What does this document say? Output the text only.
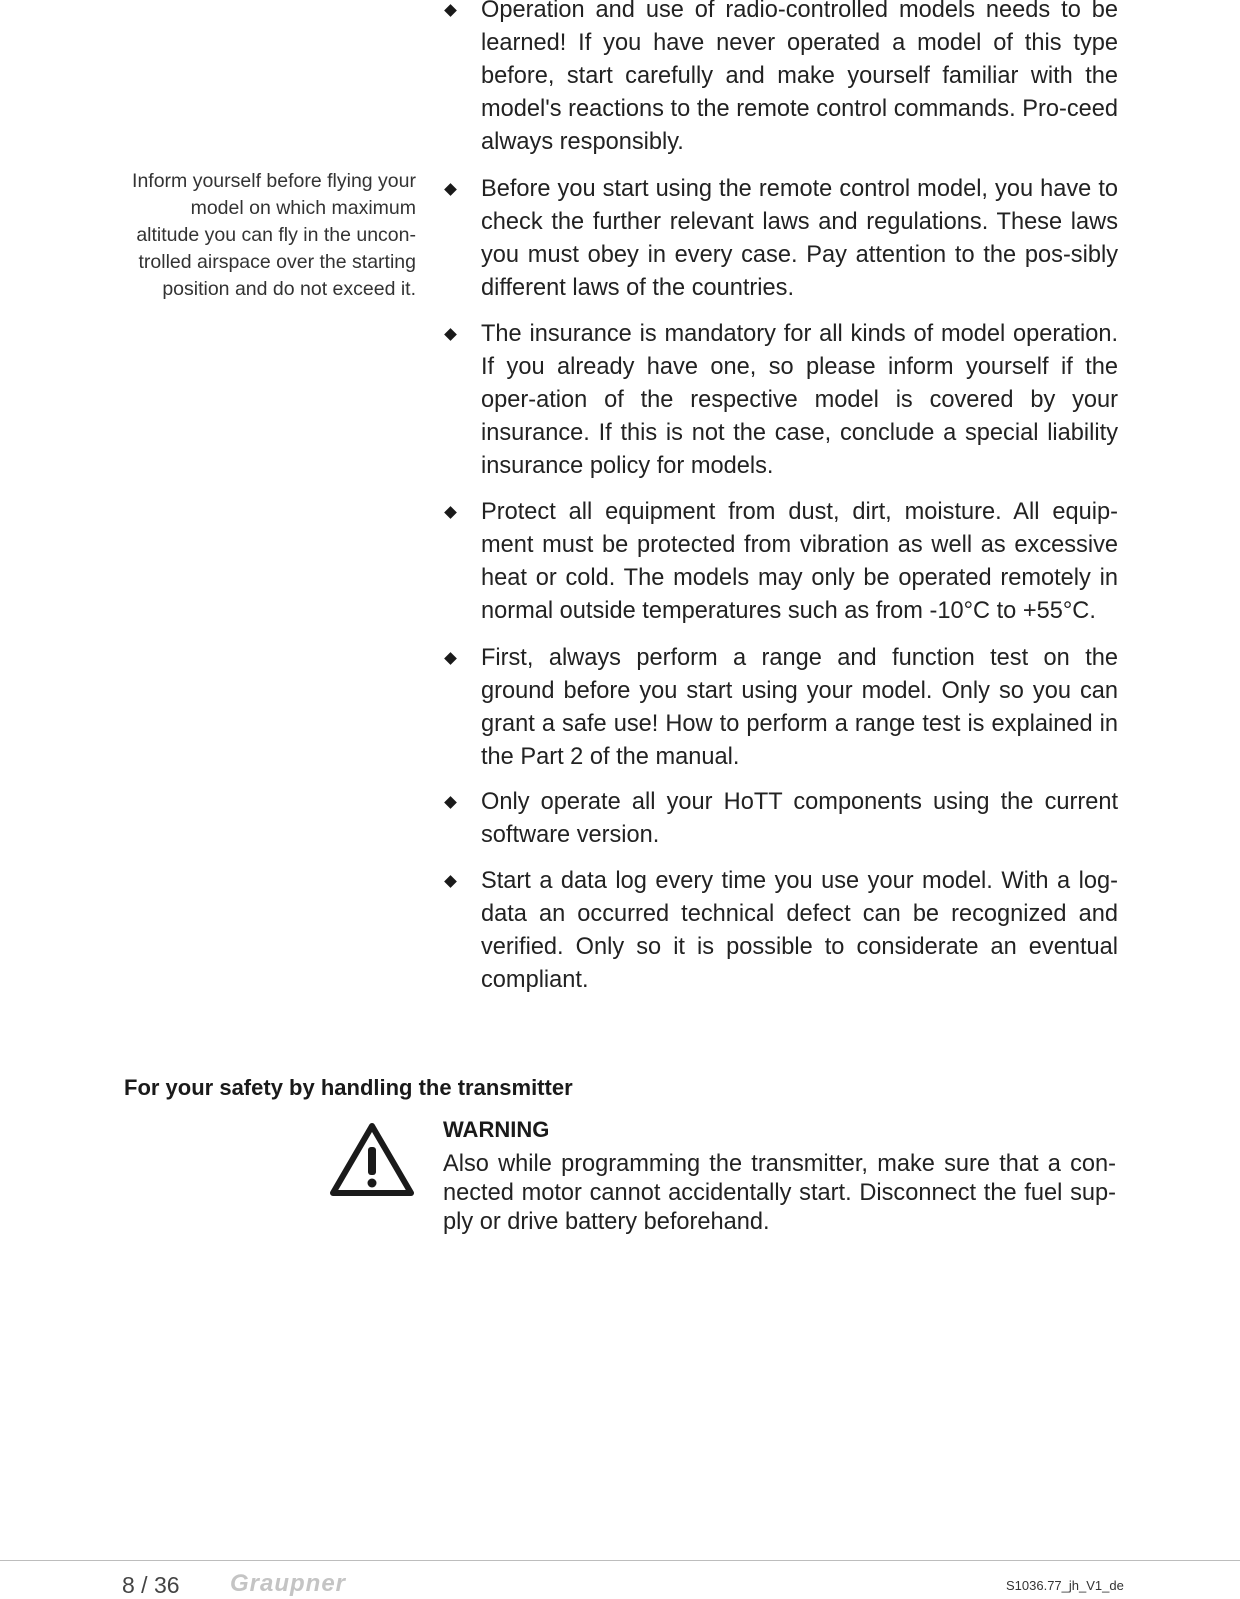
Inform yourself before flying your
model on which maximum
altitude you can fly in the uncon-
trolled airspace over the starting
position and do not exceed it.
Operation and use of radio-controlled models needs to be learned! If you have never operated a model of this type before, start carefully and make yourself familiar with the model's reactions to the remote control commands. Pro-ceed always responsibly.
Before you start using the remote control model, you have to check the further relevant laws and regulations. These laws you must obey in every case. Pay attention to the pos-sibly different laws of the countries.
The insurance is mandatory for all kinds of model operation. If you already have one, so please inform yourself if the oper-ation of the respective model is covered by your insurance. If this is not the case, conclude a special liability insurance policy for models.
Protect all equipment from dust, dirt, moisture. All equip-ment must be protected from vibration as well as excessive heat or cold. The models may only be operated remotely in normal outside temperatures such as from -10°C to +55°C.
First, always perform a range and function test on the ground before you start using your model. Only so you can grant a safe use! How to perform a range test is explained in the Part 2 of the manual.
Only operate all your HoTT components using the current software version.
Start a data log every time you use your model. With a log-data an occurred technical defect can be recognized and verified. Only so it is possible to considerate an eventual compliant.
For your safety by handling the transmitter
WARNING
Also while programming the transmitter, make sure that a con-nected motor cannot accidentally start. Disconnect the fuel sup-ply or drive battery beforehand.
8 / 36 Graupner	S1036.77_jh_V1_de
